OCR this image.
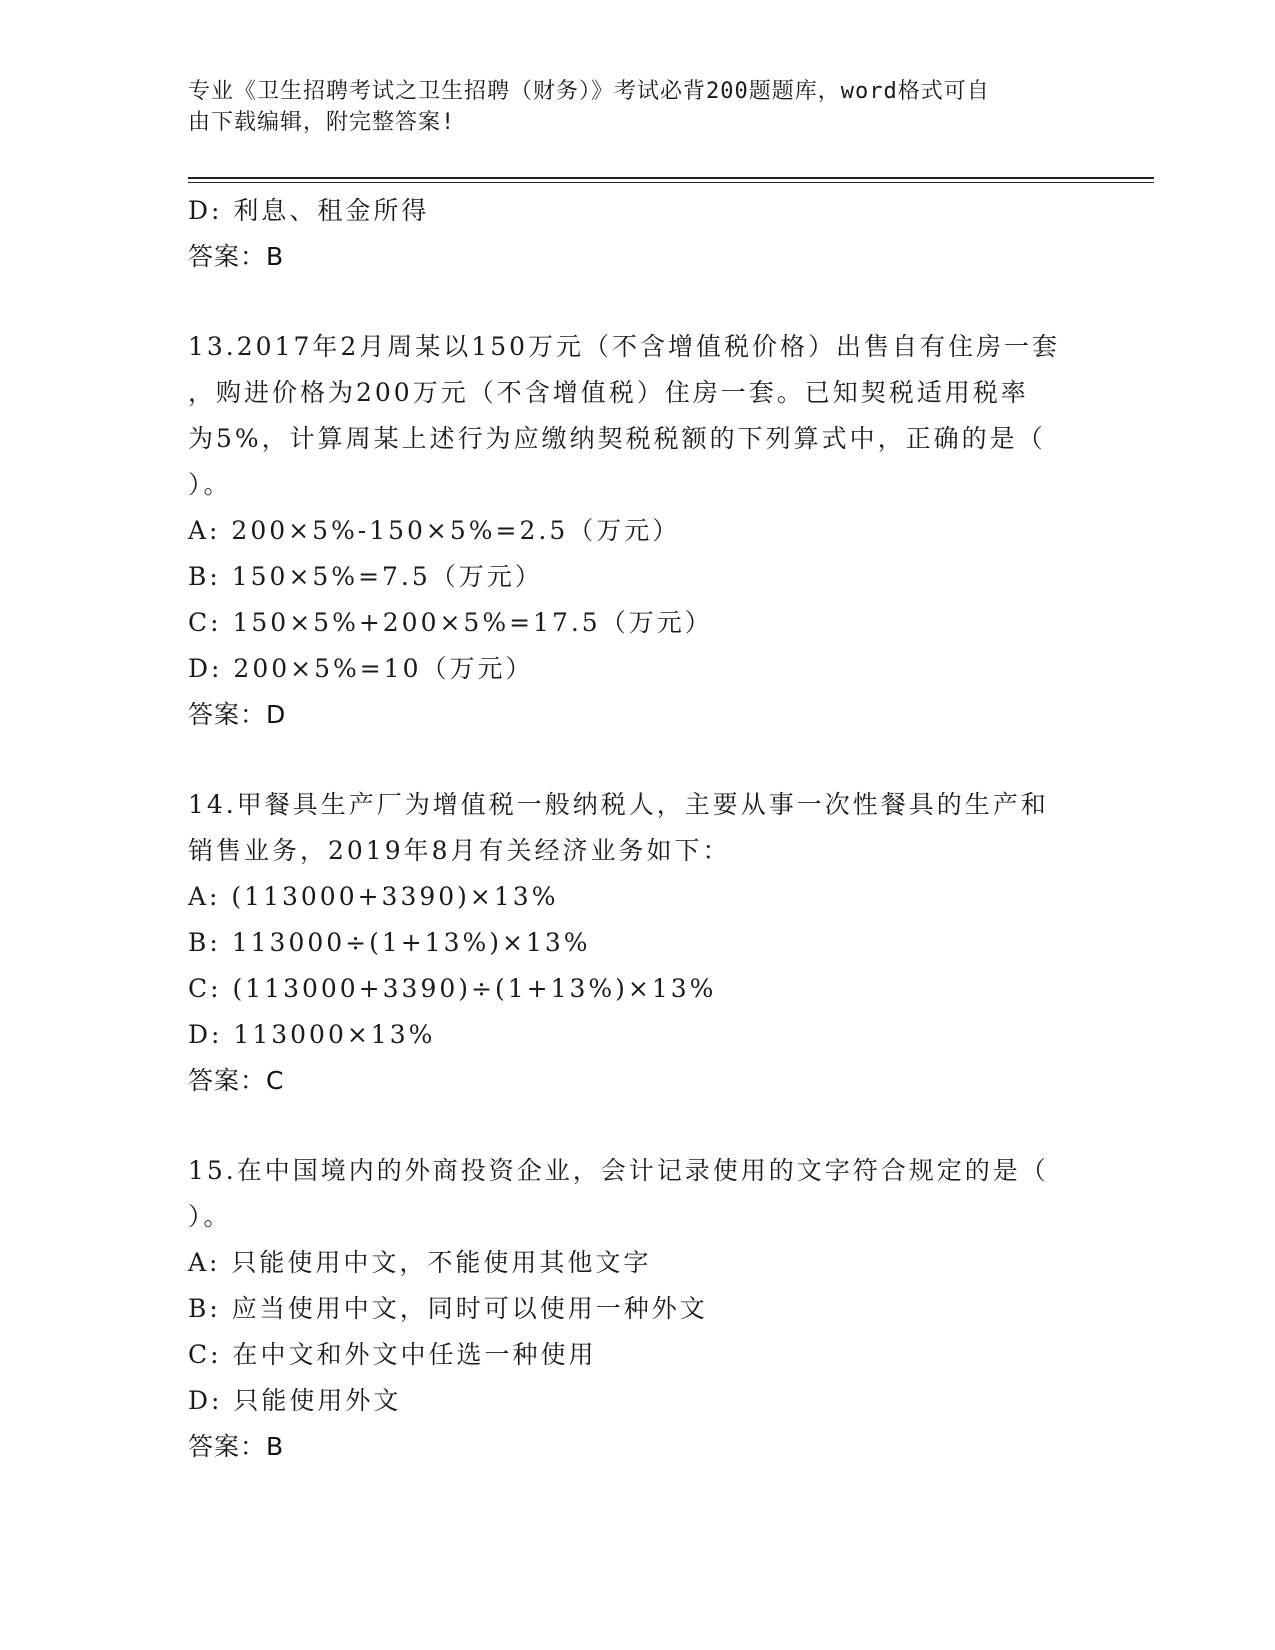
专业《卫生招聘考试之卫生招聘（财务）》考试必背200题题库，word格式可自
由下载编辑，附完整答案!
D: 利息、租金所得
答案：B
13.2017年2月周某以150万元（不含增值税价格）出售自有住房一套
，购进价格为200万元（不含增值税）住房一套。已知契税适用税率
为5%，计算周某上述行为应缴纳契税税额的下列算式中，正确的是（
）。
A: 200×5%-150×5%=2.5（万元）
B: 150×5%=7.5（万元）
C: 150×5%+200×5%=17.5（万元）
D: 200×5%=10（万元）
答案：D
14.甲餐具生产厂为增值税一般纳税人，主要从事一次性餐具的生产和
销售业务，2019年8月有关经济业务如下：
A: (113000+3390)×13%
B: 113000÷(1+13%)×13%
C: (113000+3390)÷(1+13%)×13%
D: 113000×13%
答案：C
15.在中国境内的外商投资企业，会计记录使用的文字符合规定的是（
）。
A: 只能使用中文，不能使用其他文字
B: 应当使用中文，同时可以使用一种外文
C: 在中文和外文中任选一种使用
D: 只能使用外文
答案：B
